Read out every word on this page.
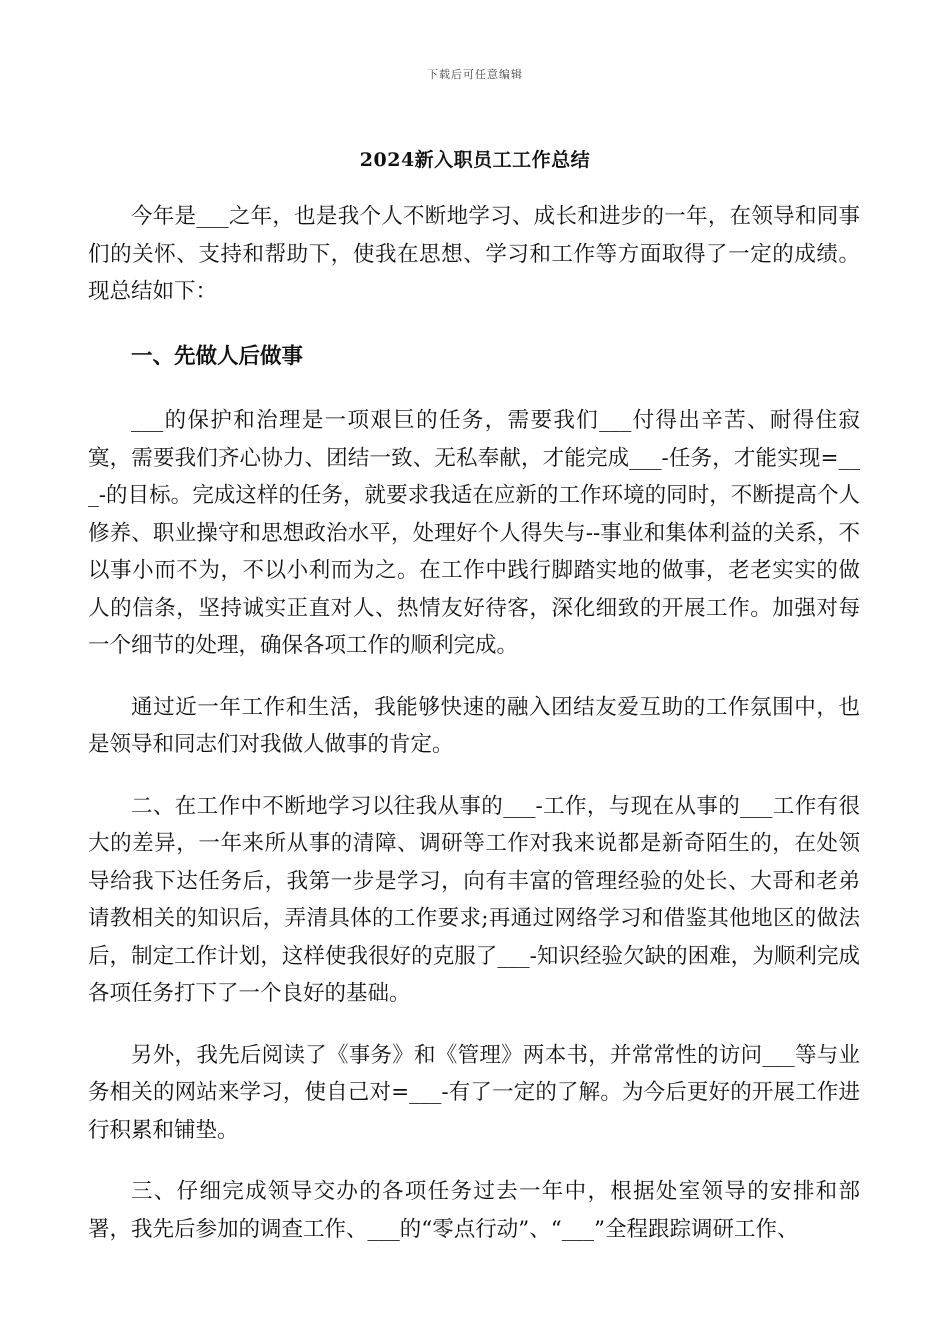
下载后可任意编辑
2024新入职员工工作总结

今年是___之年，也是我个人不断地学习、成长和进步的一年，在领导和同事们的关怀、支持和帮助下，使我在思想、学习和工作等方面取得了一定的成绩。现总结如下：

一、先做人后做事

___的保护和治理是一项艰巨的任务，需要我们___付得出辛苦、耐得住寂寞，需要我们齐心协力、团结一致、无私奉献，才能完成___-任务，才能实现=___-的目标。完成这样的任务，就要求我适在应新的工作环境的同时，不断提高个人修养、职业操守和思想政治水平，处理好个人得失与--事业和集体利益的关系，不以事小而不为，不以小利而为之。在工作中践行脚踏实地的做事，老老实实的做人的信条，坚持诚实正直对人、热情友好待客，深化细致的开展工作。加强对每一个细节的处理，确保各项工作的顺利完成。

通过近一年工作和生活，我能够快速的融入团结友爱互助的工作氛围中，也是领导和同志们对我做人做事的肯定。

二、在工作中不断地学习以往我从事的___-工作，与现在从事的___工作有很大的差异，一年来所从事的清障、调研等工作对我来说都是新奇陌生的，在处领导给我下达任务后，我第一步是学习，向有丰富的管理经验的处长、大哥和老弟请教相关的知识后，弄清具体的工作要求;再通过网络学习和借鉴其他地区的做法后，制定工作计划，这样使我很好的克服了___-知识经验欠缺的困难，为顺利完成各项任务打下了一个良好的基础。

另外，我先后阅读了《事务》和《管理》两本书，并常常性的访问___等与业务相关的网站来学习，使自己对=___-有了一定的了解。为今后更好的开展工作进行积累和铺垫。

三、仔细完成领导交办的各项任务过去一年中，根据处室领导的安排和部署，我先后参加的调查工作、___的“零点行动”、“___”全程跟踪调研工作、
